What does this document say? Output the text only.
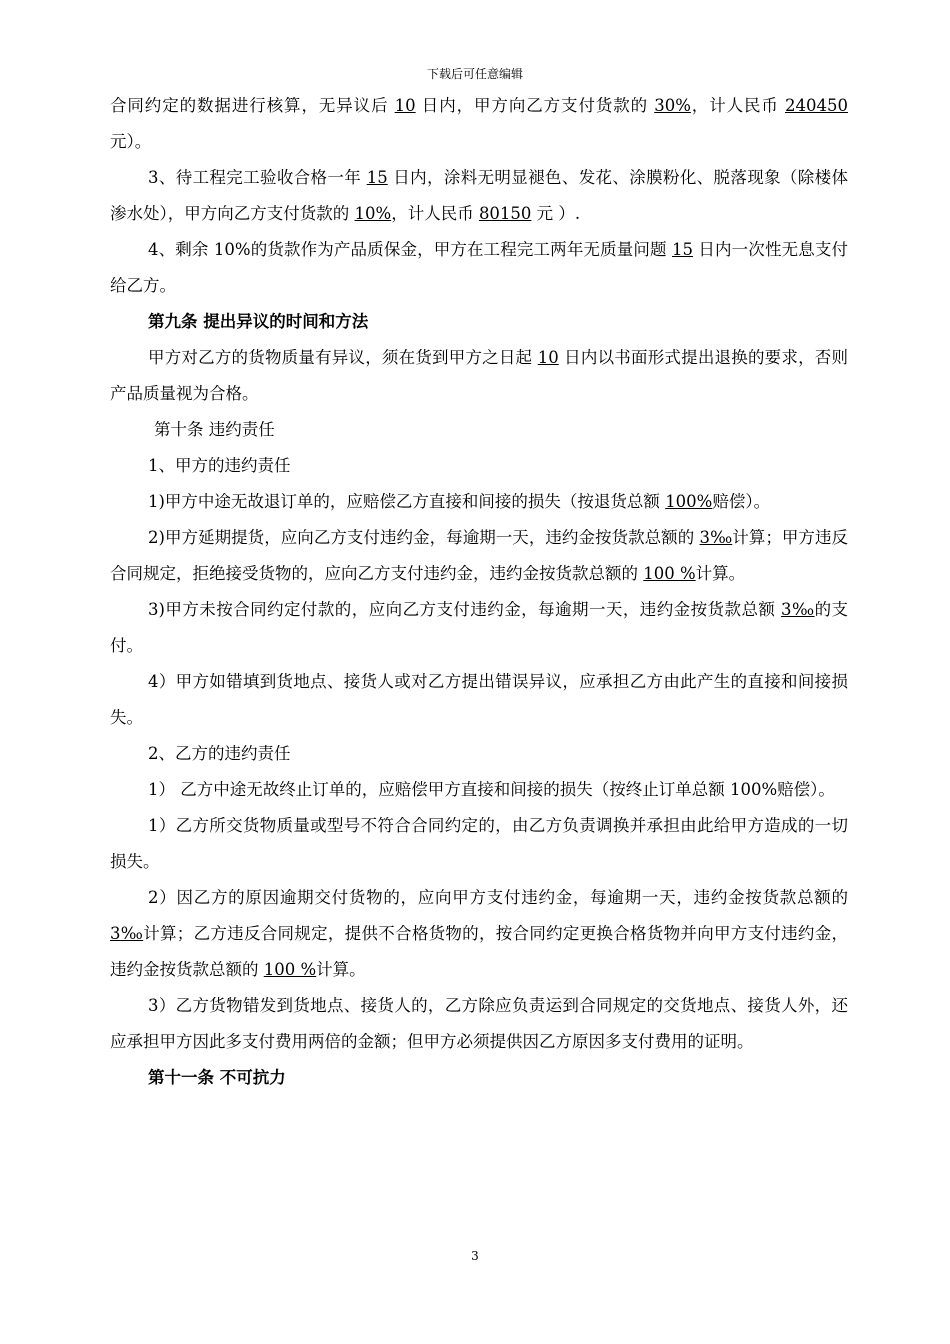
下载后可任意编辑

合同约定的数据进行核算，无异议后 10 日内，甲方向乙方支付货款的 30%，计人民币 240450 元）。

3、待工程完工验收合格一年 15 日内，涂料无明显褪色、发花、涂膜粉化、脱落现象（除楼体渗水处），甲方向乙方支付货款的 10%，计人民币 80150 元 ）.

4、剩余 10%的货款作为产品质保金，甲方在工程完工两年无质量问题 15 日内一次性无息支付给乙方。

第九条 提出异议的时间和方法

甲方对乙方的货物质量有异议，须在货到甲方之日起 10 日内以书面形式提出退换的要求，否则产品质量视为合格。

第十条 违约责任

1、甲方的违约责任

1)甲方中途无故退订单的，应赔偿乙方直接和间接的损失（按退货总额 100%赔偿）。

2)甲方延期提货，应向乙方支付违约金，每逾期一天，违约金按货款总额的 3‰计算；甲方违反合同规定，拒绝接受货物的，应向乙方支付违约金，违约金按货款总额的 100 %计算。

3)甲方未按合同约定付款的，应向乙方支付违约金，每逾期一天，违约金按货款总额 3‰的支付。

4）甲方如错填到货地点、接货人或对乙方提出错误异议，应承担乙方由此产生的直接和间接损失。

2、乙方的违约责任

1） 乙方中途无故终止订单的，应赔偿甲方直接和间接的损失（按终止订单总额 100%赔偿）。

1）乙方所交货物质量或型号不符合合同约定的，由乙方负责调换并承担由此给甲方造成的一切损失。

2）因乙方的原因逾期交付货物的，应向甲方支付违约金，每逾期一天，违约金按货款总额的 3‰计算；乙方违反合同规定，提供不合格货物的，按合同约定更换合格货物并向甲方支付违约金，违约金按货款总额的 100 %计算。

3）乙方货物错发到货地点、接货人的，乙方除应负责运到合同规定的交货地点、接货人外，还应承担甲方因此多支付费用两倍的金额；但甲方必须提供因乙方原因多支付费用的证明。

第十一条 不可抗力

3
